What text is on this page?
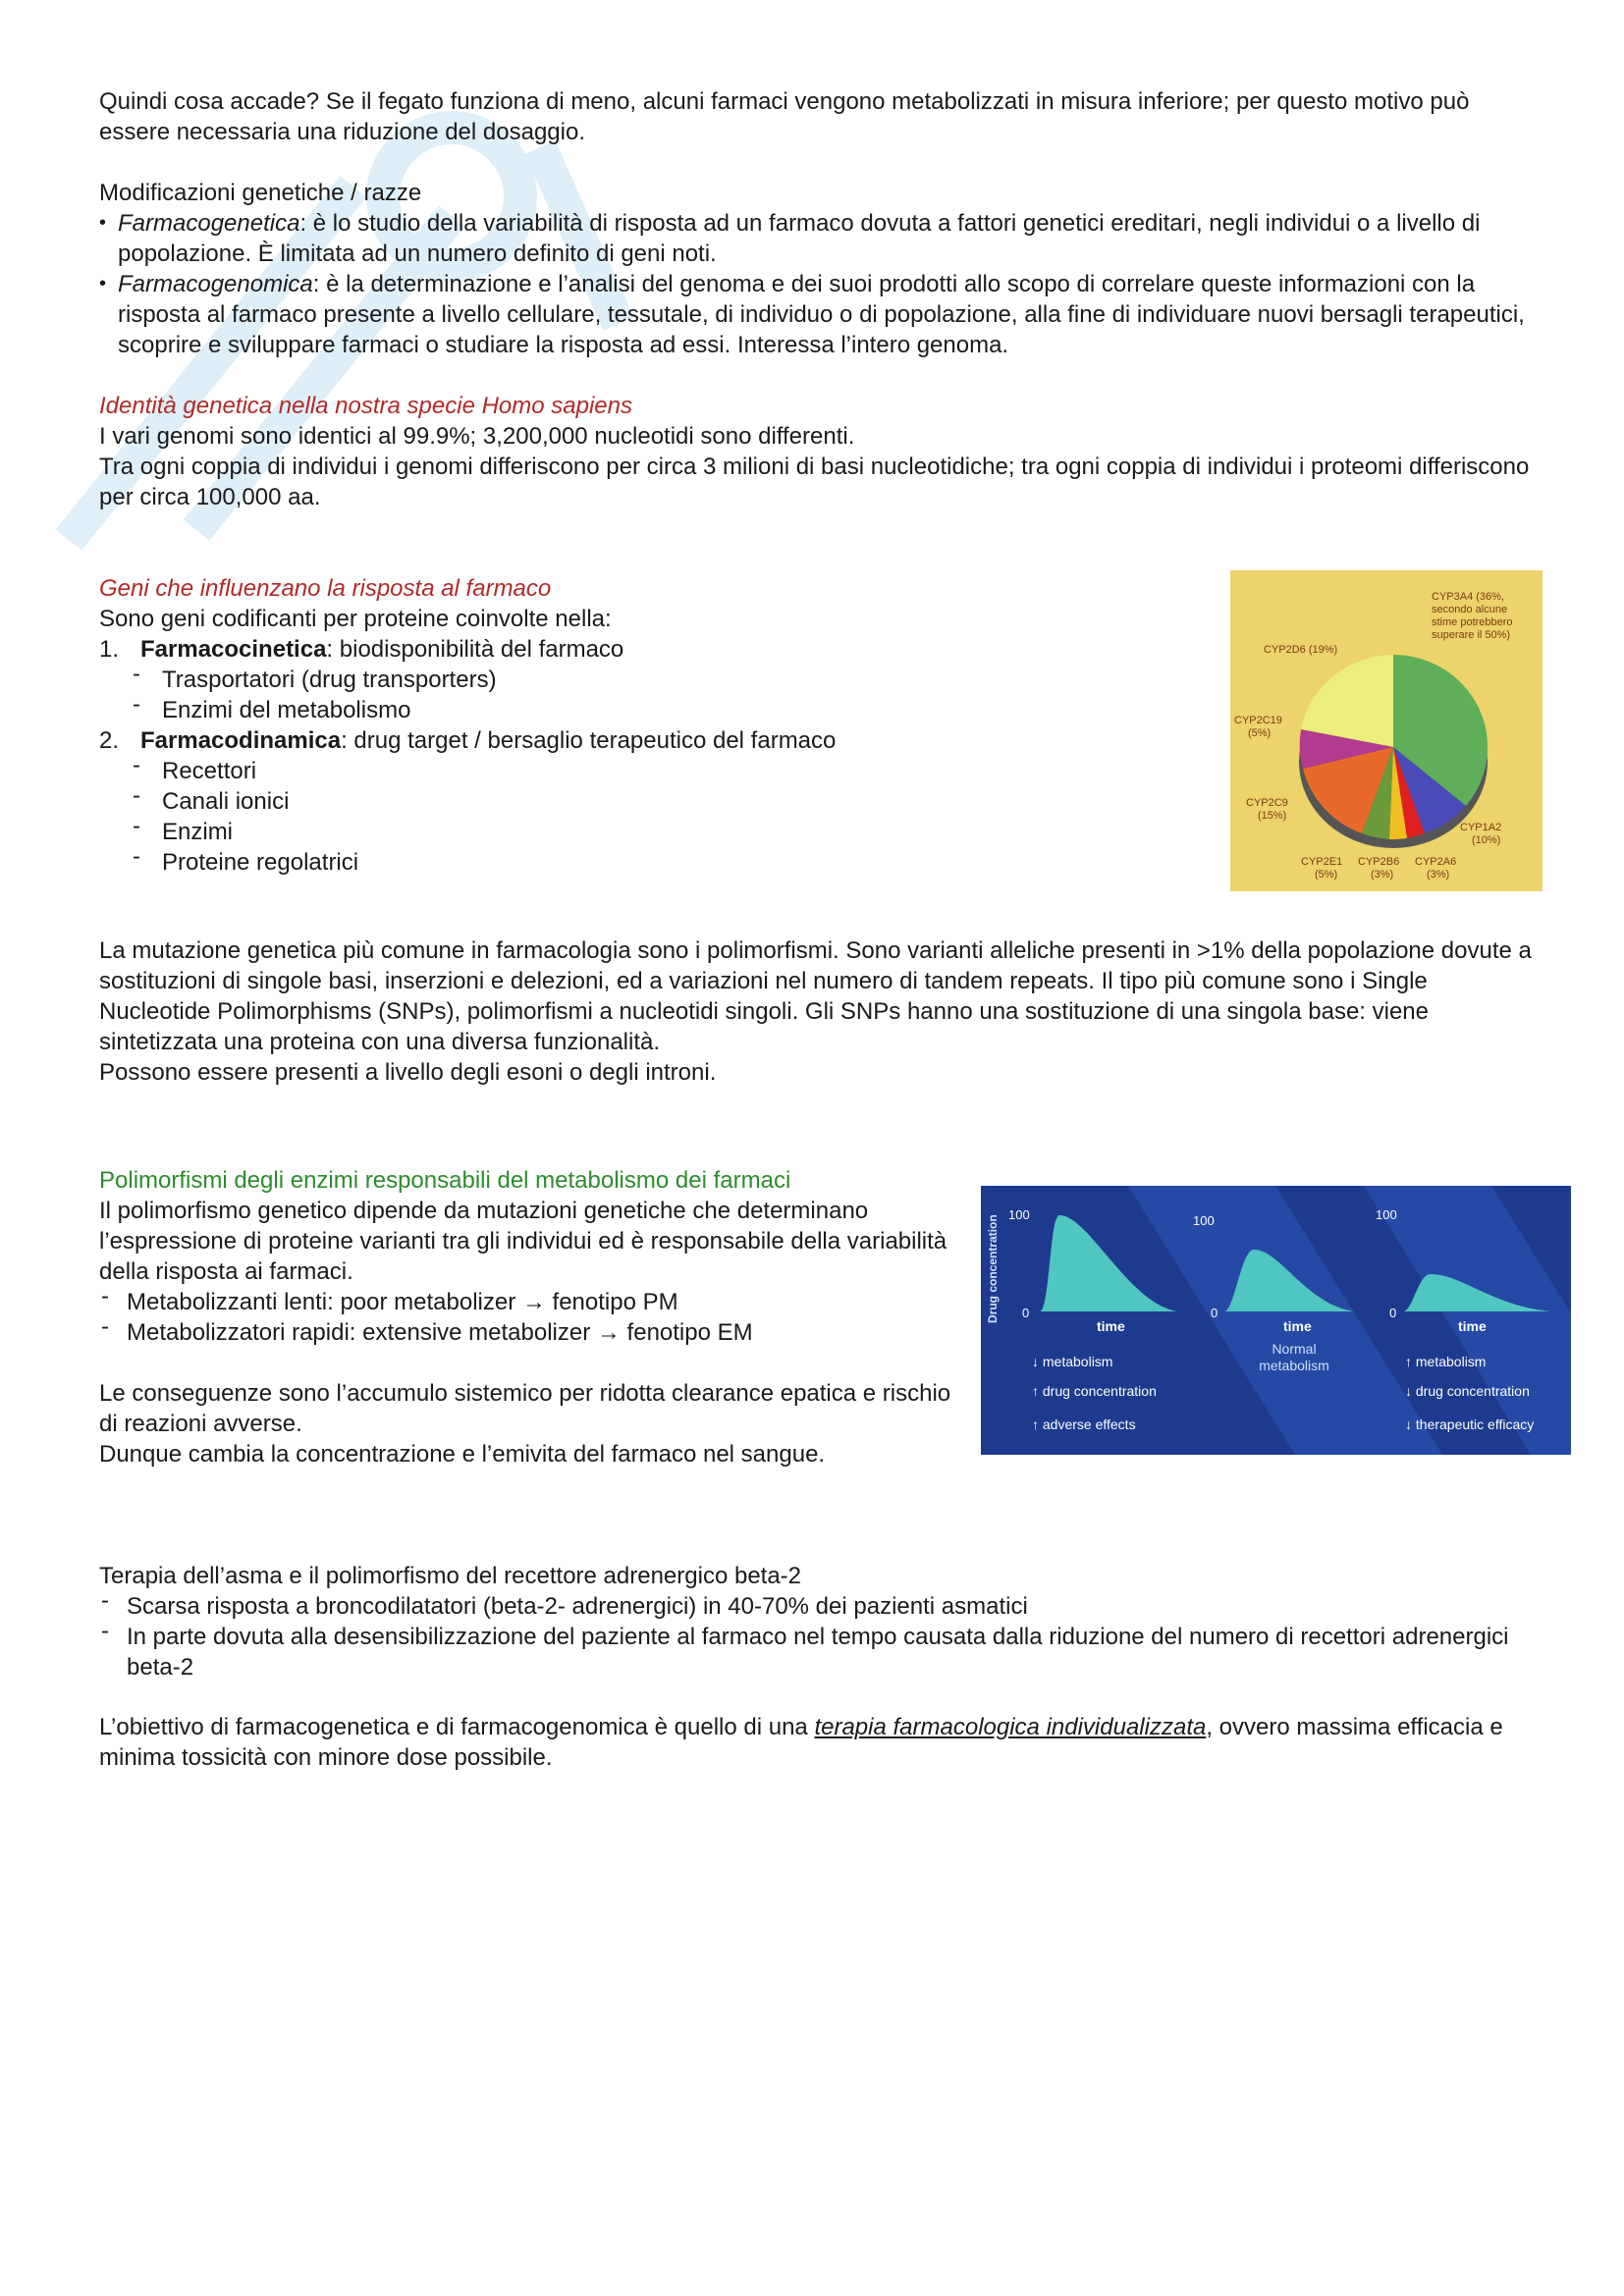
Quindi cosa accade? Se il fegato funziona di meno, alcuni farmaci vengono metabolizzati in misura inferiore; per questo motivo può essere necessaria una riduzione del dosaggio.

Modificazioni genetiche / razze

• Farmacogenetica: è lo studio della variabilità di risposta ad un farmaco dovuta a fattori genetici ereditari, negli individui o a livello di popolazione. È limitata ad un numero definito di geni noti.
• Farmacogenomica: è la determinazione e l’analisi del genoma e dei suoi prodotti allo scopo di correlare queste informazioni con la risposta al farmaco presente a livello cellulare, tessutale, di individuo o di popolazione, alla fine di individuare nuovi bersagli terapeutici, scoprire e sviluppare farmaci o studiare la risposta ad essi. Interessa l’intero genoma.

Identità genetica nella nostra specie Homo sapiens

I vari genomi sono identici al 99.9%; 3,200,000 nucleotidi sono differenti.

Tra ogni coppia di individui i genomi differiscono per circa 3 milioni di basi nucleotidiche; tra ogni coppia di individui i proteomi differiscono per circa 100,000 aa.

Geni che influenzano la risposta al farmaco

Sono geni codificanti per proteine coinvolte nella:

1. Farmacocinetica: biodisponibilità del farmaco
- Trasportatori (drug transporters)
- Enzimi del metabolismo
2. Farmacodinamica: drug target / bersaglio terapeutico del farmaco
- Recettori
- Canali ionici
- Enzimi
- Proteine regolatrici
CYP3A4 (36%, secondo alcune stime potrebbero superare il 50%)
CYP2D6 (19%)
CYP2C19 (5%)
CYP2C9 (15%)
CYP1A2 (10%)
CYP2E1 (5%)
CYP2B6 (3%)
CYP2A6 (3%)

La mutazione genetica più comune in farmacologia sono i polimorfismi. Sono varianti alleliche presenti in >1% della popolazione dovute a sostituzioni di singole basi, inserzioni e delezioni, ed a variazioni nel numero di tandem repeats. Il tipo più comune sono i Single Nucleotide Polimorphisms (SNPs), polimorfismi a nucleotidi singoli. Gli SNPs hanno una sostituzione di una singola base: viene sintetizzata una proteina con una diversa funzionalità.

Possono essere presenti a livello degli esoni o degli introni.

Polimorfismi degli enzimi responsabili del metabolismo dei farmaci

Il polimorfismo genetico dipende da mutazioni genetiche che determinano l’espressione di proteine varianti tra gli individui ed è responsabile della variabilità della risposta ai farmaci.

- Metabolizzanti lenti: poor metabolizer → fenotipo PM
- Metabolizzatori rapidi: extensive metabolizer → fenotipo EM

Le conseguenze sono l’accumulo sistemico per ridotta clearance epatica e rischio di reazioni avverse.

Dunque cambia la concentrazione e l’emivita del farmaco nel sangue.

Drug concentration 100
0
time
↓ metabolism
↑ drug concentration
↑ adverse effects
100
0
time
Normal metabolism
100
0
time
↑ metabolism
↓ drug concentration
↓ therapeutic efficacy

Terapia dell’asma e il polimorfismo del recettore adrenergico beta-2

- Scarsa risposta a broncodilatatori (beta-2- adrenergici) in 40-70% dei pazienti asmatici
- In parte dovuta alla desensibilizzazione del paziente al farmaco nel tempo causata dalla riduzione del numero di recettori adrenergici beta-2

L’obiettivo di farmacogenetica e di farmacogenomica è quello di una terapia farmacologica individualizzata, ovvero massima efficacia e minima tossicità con minore dose possibile.
